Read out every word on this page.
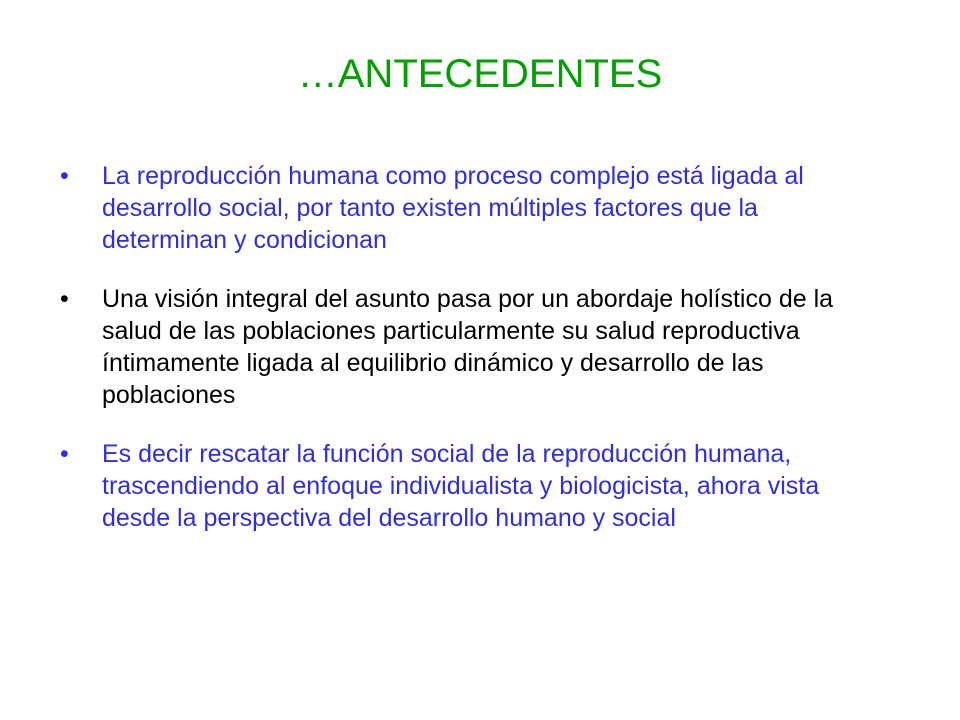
…ANTECEDENTES
•	La reproducción humana como proceso complejo está ligada al desarrollo social, por tanto existen múltiples factores que la determinan y condicionan
•	Una visión integral del asunto pasa por un abordaje holístico de la salud de las poblaciones particularmente su salud reproductiva íntimamente ligada al equilibrio dinámico y desarrollo de las poblaciones
•	Es decir rescatar la función social de la reproducción humana, trascendiendo al enfoque individualista y biologicista, ahora vista desde la perspectiva del desarrollo humano y social
